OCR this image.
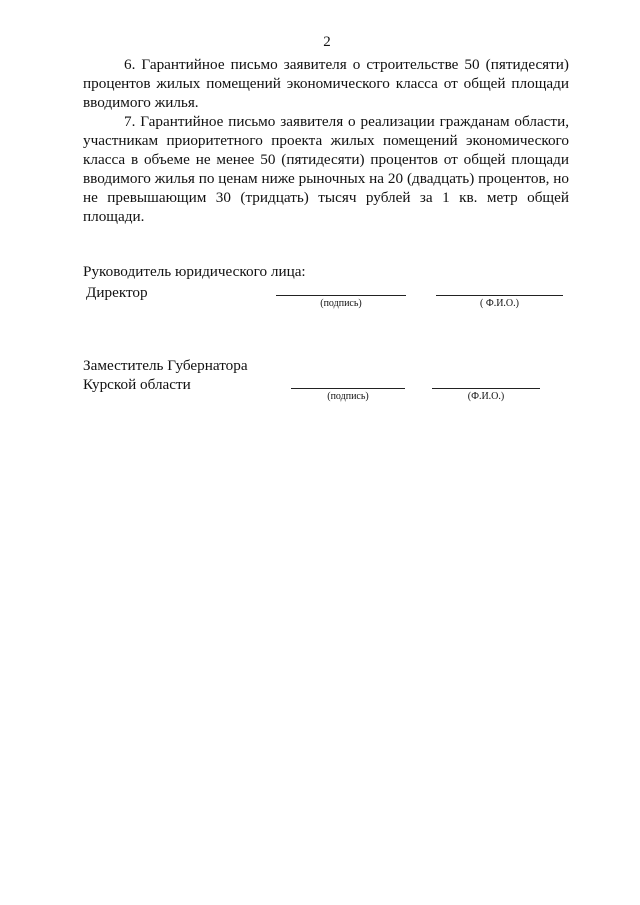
2

6. Гарантийное письмо заявителя о строительстве 50 (пятидесяти) процентов жилых помещений экономического класса от общей площади вводимого жилья.

7. Гарантийное письмо заявителя о реализации гражданам области, участникам приоритетного проекта жилых помещений экономического класса в объеме не менее 50 (пятидесяти) процентов от общей площади вводимого жилья по ценам ниже рыночных на 20 (двадцать) процентов, но не превышающим 30 (тридцать) тысяч рублей за 1 кв. метр общей площади.

Руководитель юридического лица:
Директор
(подпись)	( Ф.И.О.)
Заместитель Губернатора
Курской области
(подпись)	(Ф.И.О.)
